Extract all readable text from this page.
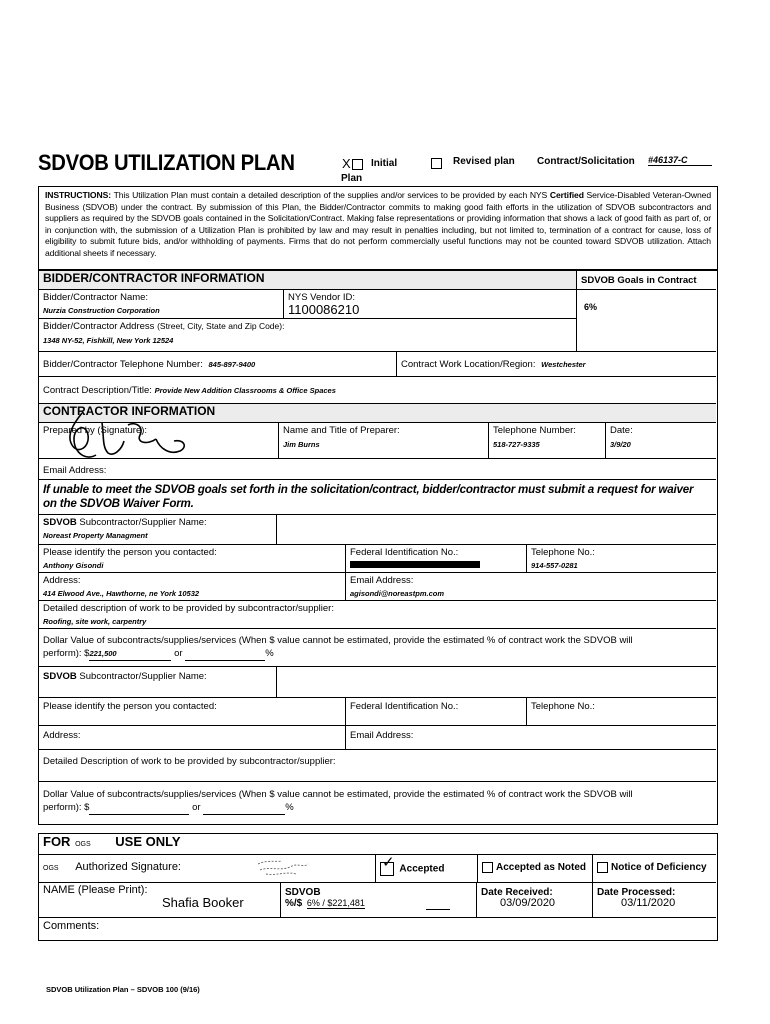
SDVOB UTILIZATION PLAN	X	Initial
Plan
Revised plan Contract/Solicitation #46137-C
INSTRUCTIONS: This Utilization Plan must contain a detailed description of the supplies and/or services to be provided by each NYS Certified Service-Disabled Veteran-Owned Business (SDVOB) under the contract. By submission of this Plan, the Bidder/Contractor commits to making good faith efforts in the utilization of SDVOB subcontractors and suppliers as required by the SDVOB goals contained in the Solicitation/Contract. Making false representations or providing information that shows a lack of good faith as part of, or in conjunction with, the submission of a Utilization Plan is prohibited by law and may result in penalties including, but not limited to, termination of a contract for cause, loss of eligibility to submit future bids, and/or withholding of payments. Firms that do not perform commercially useful functions may not be counted toward SDVOB utilization. Attach additional sheets if necessary.
BIDDER/CONTRACTOR INFORMATION	SDVOB Goals in Contract
6%
Bidder/Contractor Name:
Nurzia Construction Corporation
NYS Vendor ID:
1100086210
Bidder/Contractor Address (Street, City, State and Zip Code):
1348 NY-52, Fishkill, New York 12524
Bidder/Contractor Telephone Number: 845-897-9400	Contract Work Location/Region: Westchester
Contract Description/Title: Provide New Addition Classrooms & Office Spaces
CONTRACTOR INFORMATION
Prepared by (Signature):	Name and Title of Preparer:
Jim Burns
Telephone Number:
518-727-9335
Date:
3/9/20
Email Address:
If unable to meet the SDVOB goals set forth in the solicitation/contract, bidder/contractor must submit a request for waiver
on the SDVOB Waiver Form.
SDVOB Subcontractor/Supplier Name:
Noreast Property Managment
Please identify the person you contacted:
Anthony Gisondi
Federal Identification No.:	Telephone No.:
914-557-0281
Address:
414 Elwood Ave., Hawthorne, ne York 10532
Email Address:
agisondi@noreastpm.com
Detailed description of work to be provided by subcontractor/supplier:
Roofing, site work, carpentry
Dollar Value of subcontracts/supplies/services (When $ value cannot be estimated, provide the estimated % of contract work the SDVOB will
perform): $221,500	or	%
SDVOB Subcontractor/Supplier Name:
Please identify the person you contacted:	Federal Identification No.:	Telephone No.:
Address:	Email Address:
Detailed Description of work to be provided by subcontractor/supplier:
Dollar Value of subcontracts/supplies/services (When $ value cannot be estimated, provide the estimated % of contract work the SDVOB will
perform): $	or	%
FOR OGS USE ONLY
OGS Authorized Signature:	✓ Accepted	Accepted as Noted	Notice of Deficiency
NAME (Please Print):
Shafia Booker
SDVOB
%/$ 6% / $221,481
Date Received:
03/09/2020
Date Processed:
03/11/2020
Comments:
SDVOB Utilization Plan – SDVOB 100 (9/16)
